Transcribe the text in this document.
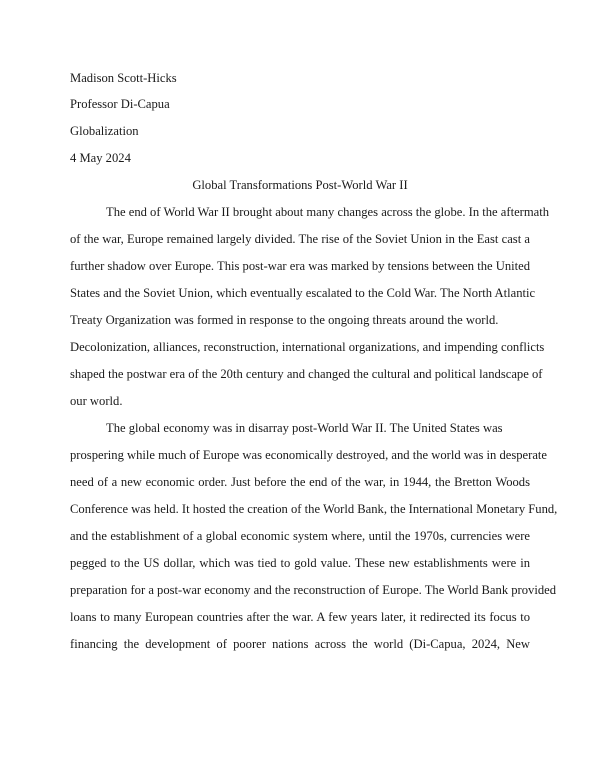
Madison Scott-Hicks
Professor Di-Capua
Globalization
4 May 2024
Global Transformations Post-World War II
The end of World War II brought about many changes across the globe. In the aftermath
of the war, Europe remained largely divided. The rise of the Soviet Union in the East cast a
further shadow over Europe. This post-war era was marked by tensions between the United
States and the Soviet Union, which eventually escalated to the Cold War. The North Atlantic
Treaty Organization was formed in response to the ongoing threats around the world.
Decolonization, alliances, reconstruction, international organizations, and impending conflicts
shaped the postwar era of the 20th century and changed the cultural and political landscape of
our world.
The global economy was in disarray post-World War II. The United States was
prospering while much of Europe was economically destroyed, and the world was in desperate
need of a new economic order. Just before the end of the war, in 1944, the Bretton Woods
Conference was held. It hosted the creation of the World Bank, the International Monetary Fund,
and the establishment of a global economic system where, until the 1970s, currencies were
pegged to the US dollar, which was tied to gold value. These new establishments were in
preparation for a post-war economy and the reconstruction of Europe. The World Bank provided
loans to many European countries after the war. A few years later, it redirected its focus to
financing the development of poorer nations across the world (Di-Capua, 2024, New
